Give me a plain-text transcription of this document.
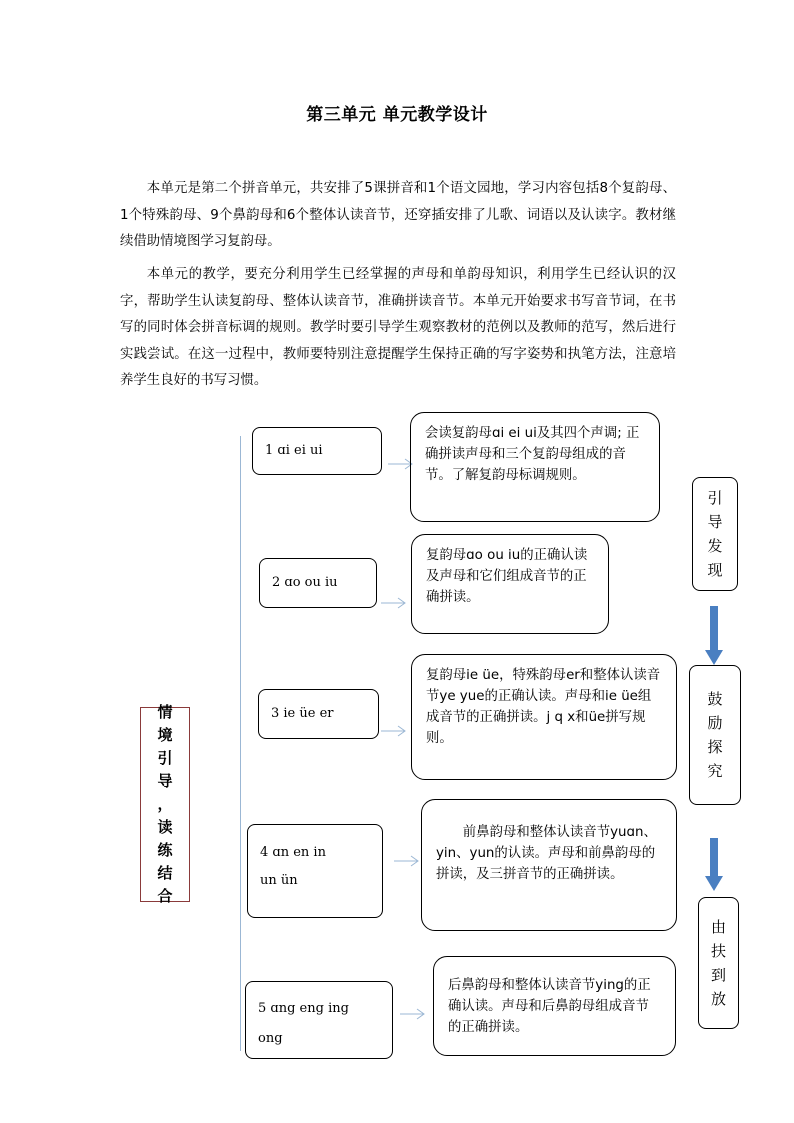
第三单元 单元教学设计
本单元是第二个拼音单元，共安排了5课拼音和1个语文园地，学习内容包括8个复韵母、1个特殊韵母、9个鼻韵母和6个整体认读音节，还穿插安排了儿歌、词语以及认读字。教材继续借助情境图学习复韵母。
本单元的教学，要充分利用学生已经掌握的声母和单韵母知识，利用学生已经认识的汉字，帮助学生认读复韵母、整体认读音节，准确拼读音节。本单元开始要求书写音节词，在书写的同时体会拼音标调的规则。教学时要引导学生观察教材的范例以及教师的范写，然后进行实践尝试。在这一过程中，教师要特别注意提醒学生保持正确的写字姿势和执笔方法，注意培养学生良好的书写习惯。
情
境
引
导
，
读
练
结
合
1 ɑi ei ui
会读复韵母ɑi ei ui及其四个声调; 正确拼读声母和三个复韵母组成的音节。了解复韵母标调规则。
2 ɑo ou iu
复韵母ɑo ou iu的正确认读及声母和它们组成音节的正确拼读。
3 ie üe er
复韵母ie üe，特殊韵母er和整体认读音节ye yue的正确认读。声母和ie üe组成音节的正确拼读。j q x和üe拼写规则。
4 ɑn en in
un ün
前鼻韵母和整体认读音节yuɑn、yin、yun的认读。声母和前鼻韵母的拼读，及三拼音节的正确拼读。
5 ɑng eng ing
ong
后鼻韵母和整体认读音节ying的正确认读。声母和后鼻韵母组成音节的正确拼读。
引
导
发
现
鼓
励
探
究
由
扶
到
放
